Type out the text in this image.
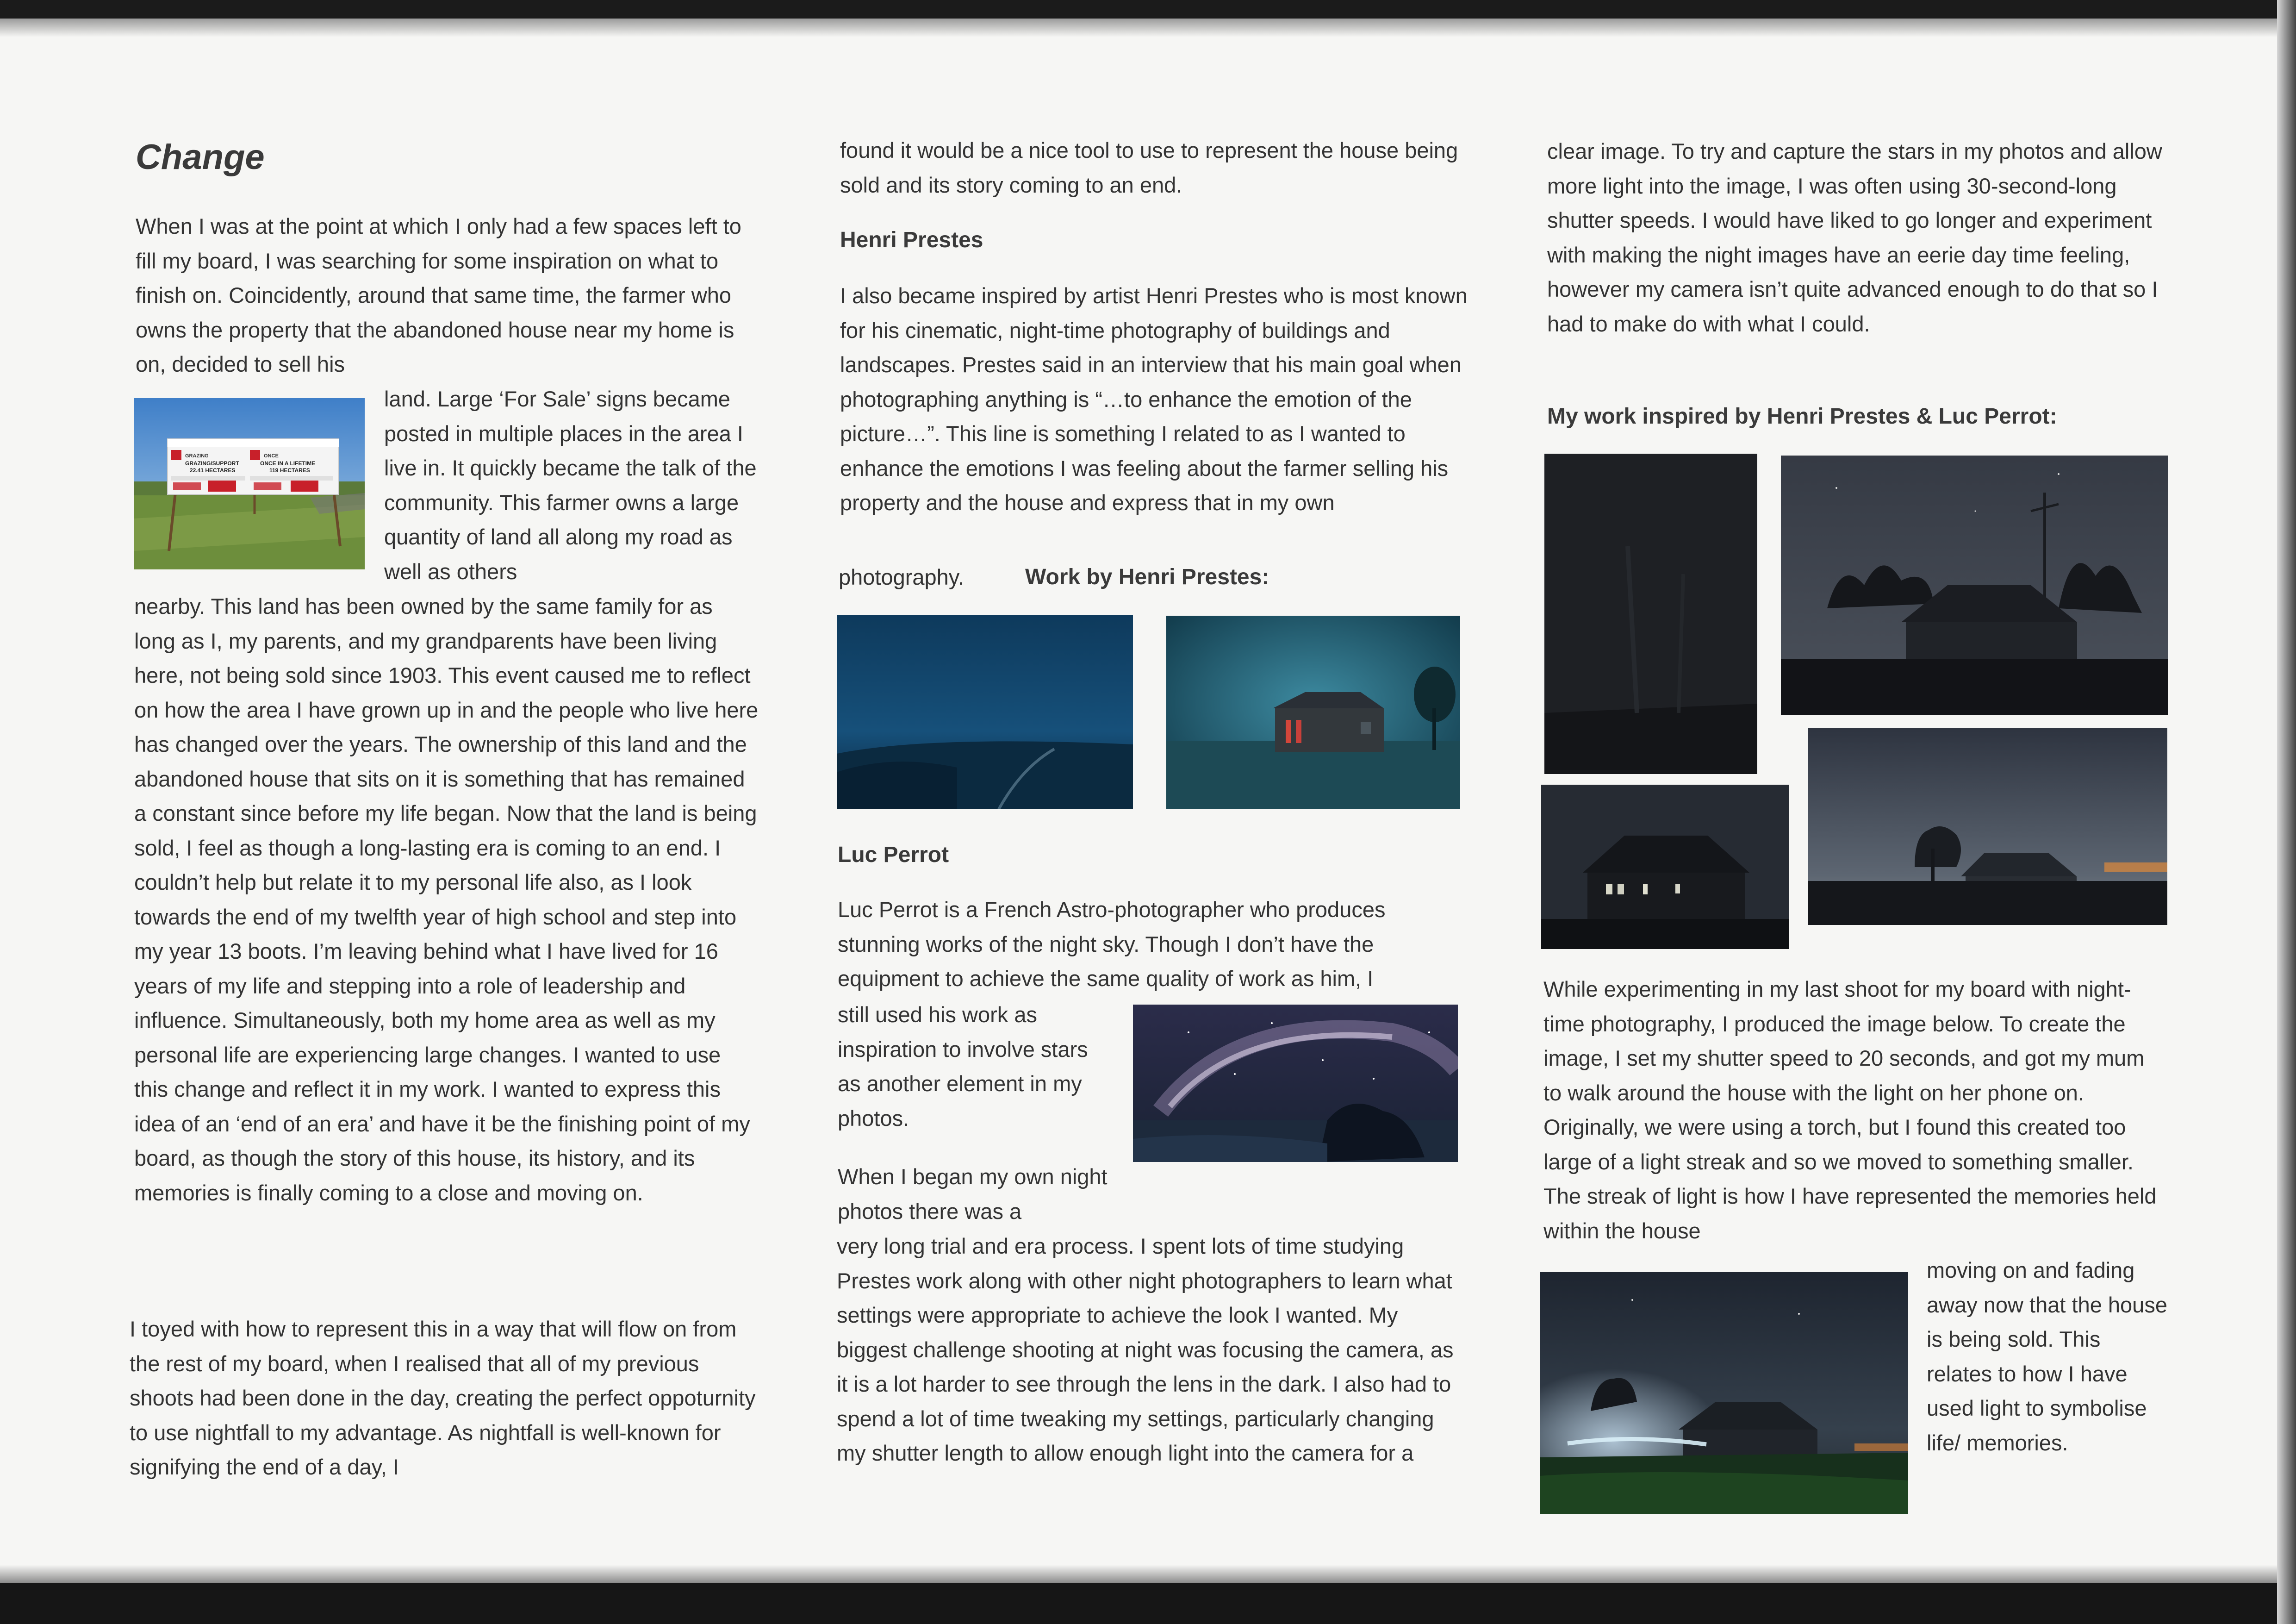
Change

When I was at the point at which I only had a few spaces left to fill my board, I was searching for some inspiration on what to finish on. Coincidently, around that same time, the farmer who owns the property that the abandoned house near my home is on, decided to sell his

GRAZING	ONCE
GRAZING/SUPPORT
22.41 HECTARES
ONCE IN A LIFETIME
119 HECTARES

land. Large ‘For Sale’ signs became posted in multiple places in the area I live in. It quickly became the talk of the community. This farmer owns a large quantity of land all along my road as well as others

nearby. This land has been owned by the same family for as long as I, my parents, and my grandparents have been living here, not being sold since 1903. This event caused me to reflect on how the area I have grown up in and the people who live here has changed over the years. The ownership of this land and the abandoned house that sits on it is something that has remained a constant since before my life began. Now that the land is being sold, I feel as though a long-lasting era is coming to an end. I couldn’t help but relate it to my personal life also, as I look towards the end of my twelfth year of high school and step into my year 13 boots. I’m leaving behind what I have lived for 16 years of my life and stepping into a role of leadership and influence. Simultaneously, both my home area as well as my personal life are experiencing large changes. I wanted to use this change and reflect it in my work. I wanted to express this idea of an ‘end of an era’ and have it be the finishing point of my board, as though the story of this house, its history, and its memories is finally coming to a close and moving on.

I toyed with how to represent this in a way that will flow on from the rest of my board, when I realised that all of my previous shoots had been done in the day, creating the perfect oppoturnity to use nightfall to my advantage. As nightfall is well-known for signifying the end of a day, I

found it would be a nice tool to use to represent the house being sold and its story coming to an end.

Henri Prestes

I also became inspired by artist Henri Prestes who is most known for his cinematic, night-time photography of buildings and landscapes. Prestes said in an interview that his main goal when photographing anything is “…to enhance the emotion of the picture…”. This line is something I related to as I wanted to enhance the emotions I was feeling about the farmer selling his property and the house and express that in my own

photography.	Work by Henri Prestes:
Luc Perrot

Luc Perrot is a French Astro-photographer who produces stunning works of the night sky. Though I don’t have the equipment to achieve the same quality of work as him, I

still used his work as inspiration to involve stars as another element in my photos.

When I began my own night photos there was a

very long trial and era process. I spent lots of time studying Prestes work along with other night photographers to learn what settings were appropriate to achieve the look I wanted. My biggest challenge shooting at night was focusing the camera, as it is a lot harder to see through the lens in the dark. I also had to spend a lot of time tweaking my settings, particularly changing my shutter length to allow enough light into the camera for a

clear image. To try and capture the stars in my photos and allow more light into the image, I was often using 30-second-long shutter speeds. I would have liked to go longer and experiment with making the night images have an eerie day time feeling, however my camera isn’t quite advanced enough to do that so I had to make do with what I could.

My work inspired by Henri Prestes & Luc Perrot:

While experimenting in my last shoot for my board with night-time photography, I produced the image below. To create the image, I set my shutter speed to 20 seconds, and got my mum to walk around the house with the light on her phone on. Originally, we were using a torch, but I found this created too large of a light streak and so we moved to something smaller. The streak of light is how I have represented the memories held within the house

moving on and fading away now that the house is being sold. This relates to how I have used light to symbolise life/ memories.
